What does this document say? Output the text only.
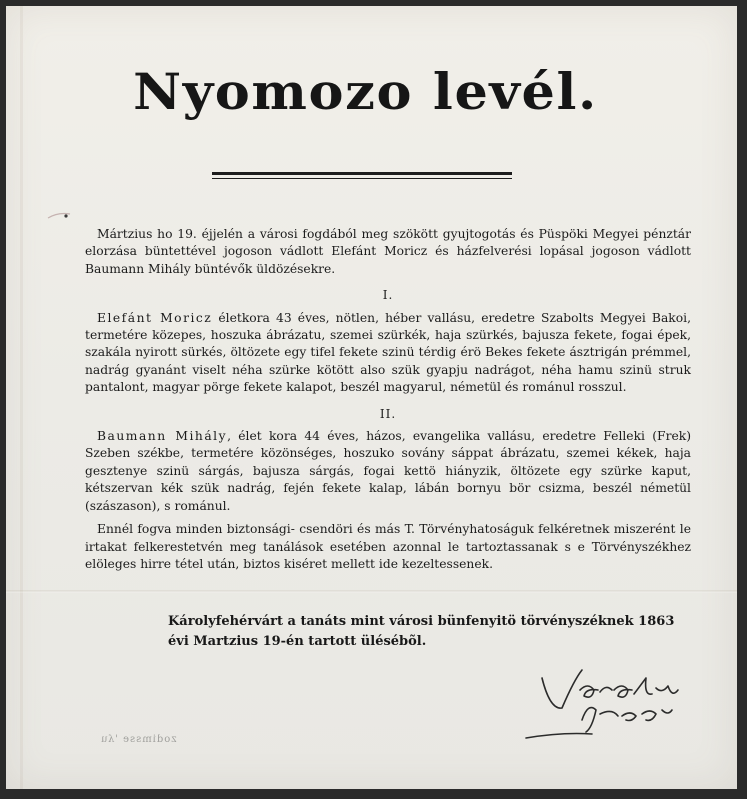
Nyomozo levél.

Mártzius ho 19. éjjelén a városi fogdából meg szökött gyujtogotás és Püspöki Megyei pénztár elorzása büntettével jogoson vádlott Elefánt Moricz és házfelverési lopásal jogoson vádlott Baumann Mihály büntévők üldözésekre.

I.

Elefánt Moricz életkora 43 éves, nötlen, héber vallásu, eredetre Szabolts Megyei Bakoi, termetére közepes, hoszuka ábrázatu, szemei szürkék, haja szürkés, bajusza fekete, fogai épek, szakála nyirott sürkés, öltözete egy tifel fekete szinü térdig érö Bekes fekete ásztrigán prémmel, nadrág gyanánt viselt néha szürke kötött also szük gyapju nadrágot, néha hamu szinü struk pantalont, magyar pörge fekete kalapot, beszél magyarul, németül és románul rosszul.

II.

Baumann Mihály, élet kora 44 éves, házos, evangelika vallásu, eredetre Felleki (Frek) Szeben székbe, termetére közönséges, hoszuko sovány sáppat ábrázatu, szemei kékek, haja gesztenye szinü sárgás, bajusza sárgás, fogai kettö hiányzik, öltözete egy szürke kaput, kétszervan kék szük nadrág, fején fekete kalap, lábán bornyu bör csizma, beszél németül (szászason), s románul.

Ennél fogva minden biztonsági- csendöri és más T. Törvényhatoságuk felkéretnek miszerént le irtakat felkerestetvén meg tanálások esetében azonnal le tartoztassanak s e Törvényszékhez elöleges hirre tétel után, biztos kiséret mellett ide kezeltessenek.

Károlyfehérvárt a tanáts mint városi bünfenyitö törvényszéknek 1863 évi Martzius 19-én tartott ülésébõl.

zodimsse 'ʎu
